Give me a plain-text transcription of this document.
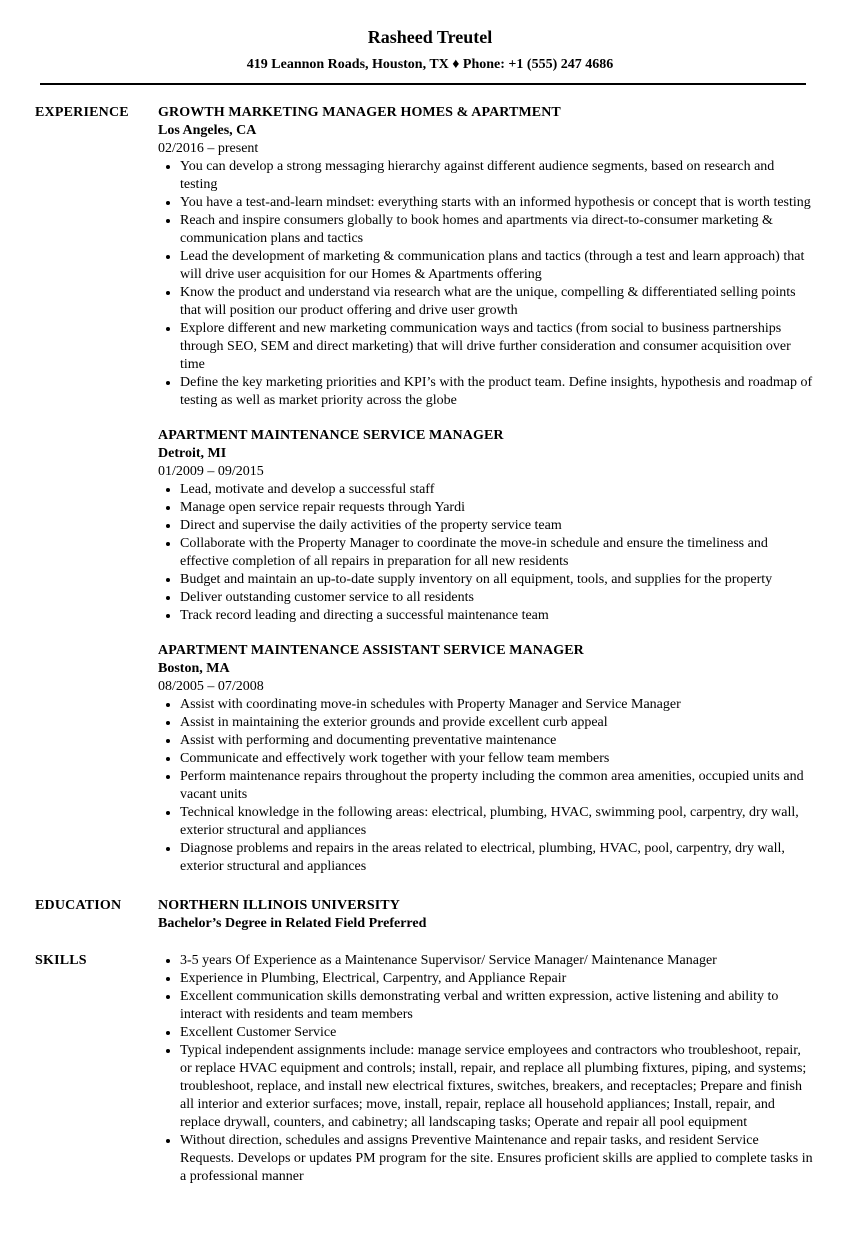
Rasheed Treutel
419 Leannon Roads, Houston, TX ♦ Phone: +1 (555) 247 4686
EXPERIENCE GROWTH MARKETING MANAGER HOMES & APARTMENT
Los Angeles, CA
02/2016 – present
• You can develop a strong messaging hierarchy against different audience segments, based on research and testing
• You have a test-and-learn mindset: everything starts with an informed hypothesis or concept that is worth testing
• Reach and inspire consumers globally to book homes and apartments via direct-to-consumer marketing & communication plans and tactics
• Lead the development of marketing & communication plans and tactics (through a test and learn approach) that will drive user acquisition for our Homes & Apartments offering
• Know the product and understand via research what are the unique, compelling & differentiated selling points that will position our product offering and drive user growth
• Explore different and new marketing communication ways and tactics (from social to business partnerships through SEO, SEM and direct marketing) that will drive further consideration and consumer acquisition over time
• Define the key marketing priorities and KPI’s with the product team. Define insights, hypothesis and roadmap of testing as well as market priority across the globe
APARTMENT MAINTENANCE SERVICE MANAGER
Detroit, MI
01/2009 – 09/2015
• Lead, motivate and develop a successful staff
• Manage open service repair requests through Yardi
• Direct and supervise the daily activities of the property service team
• Collaborate with the Property Manager to coordinate the move-in schedule and ensure the timeliness and effective completion of all repairs in preparation for all new residents
• Budget and maintain an up-to-date supply inventory on all equipment, tools, and supplies for the property
• Deliver outstanding customer service to all residents
• Track record leading and directing a successful maintenance team
APARTMENT MAINTENANCE ASSISTANT SERVICE MANAGER
Boston, MA
08/2005 – 07/2008
• Assist with coordinating move-in schedules with Property Manager and Service Manager
• Assist in maintaining the exterior grounds and provide excellent curb appeal
• Assist with performing and documenting preventative maintenance
• Communicate and effectively work together with your fellow team members
• Perform maintenance repairs throughout the property including the common area amenities, occupied units and vacant units
• Technical knowledge in the following areas: electrical, plumbing, HVAC, swimming pool, carpentry, dry wall, exterior structural and appliances
• Diagnose problems and repairs in the areas related to electrical, plumbing, HVAC, pool, carpentry, dry wall, exterior structural and appliances
EDUCATION	NORTHERN ILLINOIS UNIVERSITY
Bachelor’s Degree in Related Field Preferred
SKILLS
•	3-5 years Of Experience as a Maintenance Supervisor/ Service Manager/ Maintenance Manager
• Experience in Plumbing, Electrical, Carpentry, and Appliance Repair
• Excellent communication skills demonstrating verbal and written expression, active listening and ability to interact with residents and team members
• Excellent Customer Service
• Typical independent assignments include: manage service employees and contractors who troubleshoot, repair, or replace HVAC equipment and controls; install, repair, and replace all plumbing fixtures, piping, and systems; troubleshoot, replace, and install new electrical fixtures, switches, breakers, and receptacles; Prepare and finish all interior and exterior surfaces; move, install, repair, replace all household appliances; Install, repair, and replace drywall, counters, and cabinetry; all landscaping tasks; Operate and repair all pool equipment
• Without direction, schedules and assigns Preventive Maintenance and repair tasks, and resident Service Requests. Develops or updates PM program for the site. Ensures proficient skills are applied to complete tasks in a professional manner
